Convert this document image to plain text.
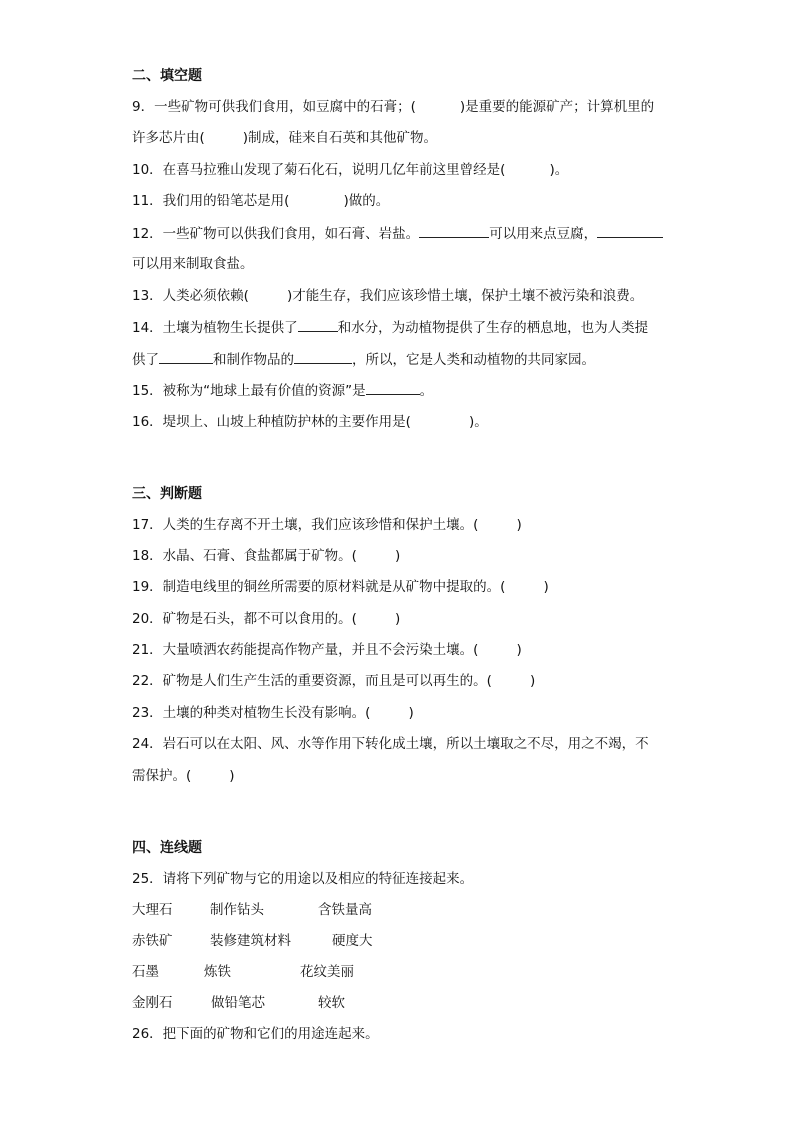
二、填空题
9．一些矿物可供我们食用，如豆腐中的石膏；(	)是重要的能源矿产；计算机里的
许多芯片由(	)制成，硅来自石英和其他矿物。
10．在喜马拉雅山发现了菊石化石，说明几亿年前这里曾经是(	)。
11．我们用的铅笔芯是用(	)做的。
12．一些矿物可以供我们食用，如石膏、岩盐。	可以用来点豆腐，
可以用来制取食盐。
13．人类必须依赖(	)才能生存，我们应该珍惜土壤，保护土壤不被污染和浪费。
14．土壤为植物生长提供了	和水分，为动植物提供了生存的栖息地，也为人类提
供了	和制作物品的	，所以，它是人类和动植物的共同家园。
15．被称为“地球上最有价值的资源”是	。
16．堤坝上、山坡上种植防护林的主要作用是(	)。
三、判断题
17．人类的生存离不开土壤，我们应该珍惜和保护土壤。(	)
18．水晶、石膏、食盐都属于矿物。(	)
19．制造电线里的铜丝所需要的原材料就是从矿物中提取的。(	)
20．矿物是石头，都不可以食用的。(	)
21．大量喷洒农药能提高作物产量，并且不会污染土壤。(	)
22．矿物是人们生产生活的重要资源，而且是可以再生的。(	)
23．土壤的种类对植物生长没有影响。(	)
24．岩石可以在太阳、风、水等作用下转化成土壤，所以土壤取之不尽，用之不竭，不
需保护。(	)
四、连线题
25．请将下列矿物与它的用途以及相应的特征连接起来。
大理石	制作钻头	含铁量高
赤铁矿	装修建筑材料	硬度大
石墨	炼铁	花纹美丽
金刚石	做铅笔芯	较软
26．把下面的矿物和它们的用途连起来。
